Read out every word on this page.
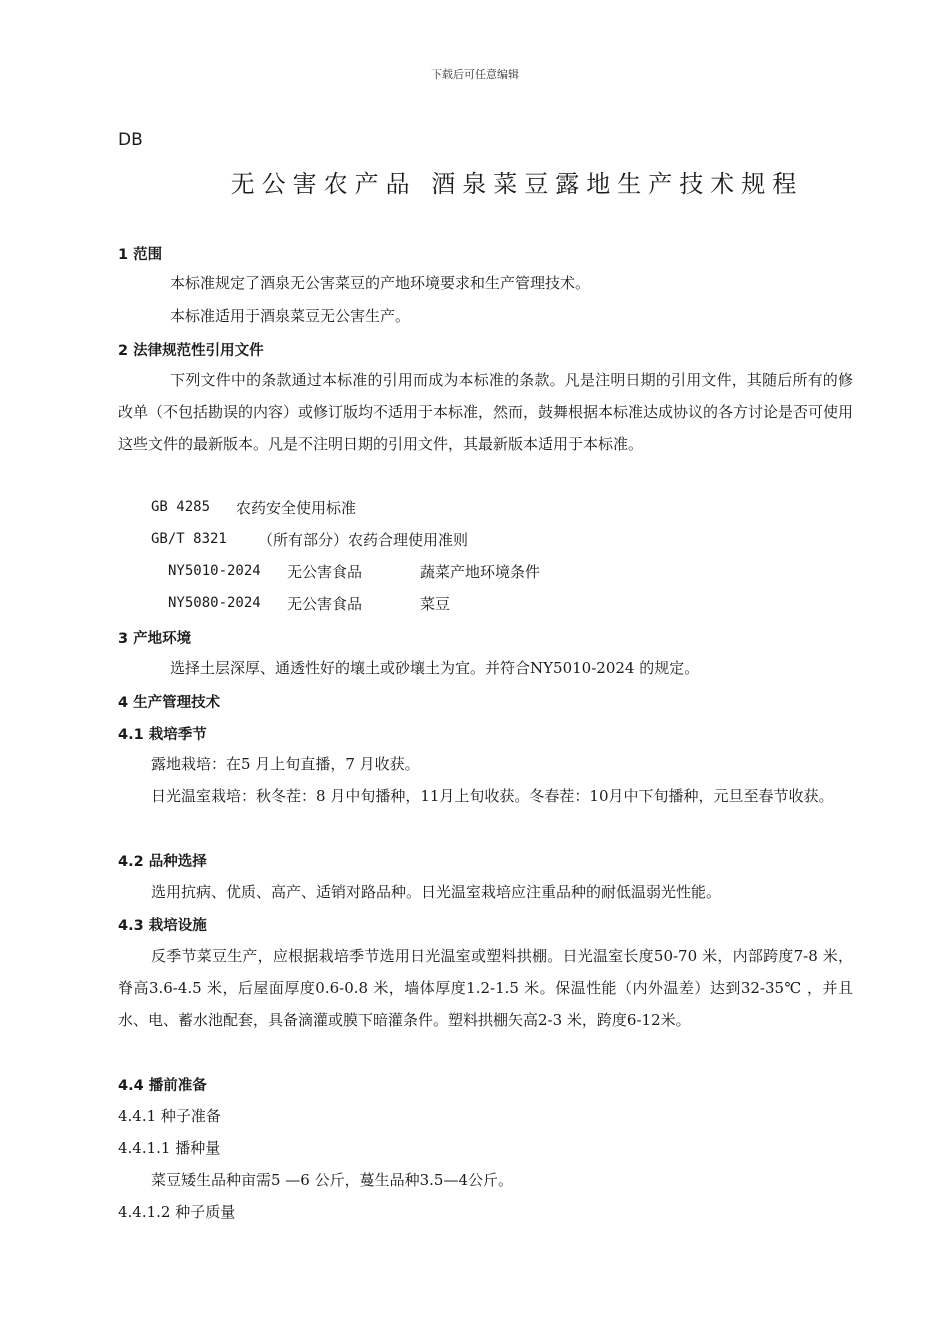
下载后可任意编辑
DB
无公害农产品 酒泉菜豆露地生产技术规程
1 范围
本标准规定了酒泉无公害菜豆的产地环境要求和生产管理技术。
本标准适用于酒泉菜豆无公害生产。
2 法律规范性引用文件
下列文件中的条款通过本标准的引用而成为本标准的条款。凡是注明日期的引用文件，其随后所有的修改单（不包括勘误的内容）或修订版均不适用于本标准，然而，鼓舞根据本标准达成协议的各方讨论是否可使用这些文件的最新版本。凡是不注明日期的引用文件，其最新版本适用于本标准。
GB 4285 农药安全使用标准
GB/T 8321 （所有部分）农药合理使用准则
NY5010-2024 无公害食品	蔬菜产地环境条件
NY5080-2024 无公害食品	菜豆
3 产地环境
选择土层深厚、通透性好的壤土或砂壤土为宜。并符合NY5010-2024 的规定。
4 生产管理技术
4.1 栽培季节
露地栽培：在5 月上旬直播，7 月收获。
日光温室栽培：秋冬茬：8 月中旬播种，11月上旬收获。冬春茬：10月中下旬播种，元旦至春节收获。
4.2 品种选择
选用抗病、优质、高产、适销对路品种。日光温室栽培应注重品种的耐低温弱光性能。
4.3 栽培设施
反季节菜豆生产，应根据栽培季节选用日光温室或塑料拱棚。日光温室长度50-70 米，内部跨度7-8 米，脊高3.6-4.5 米，后屋面厚度0.6-0.8 米，墙体厚度1.2-1.5 米。保温性能（内外温差）达到32-35℃ ，并且水、电、蓄水池配套，具备滴灌或膜下暗灌条件。塑料拱棚矢高2-3 米，跨度6-12米。
4.4 播前准备
4.4.1 种子准备
4.4.1.1 播种量
菜豆矮生品种亩需5 —6 公斤，蔓生品种3.5—4公斤。
4.4.1.2 种子质量
